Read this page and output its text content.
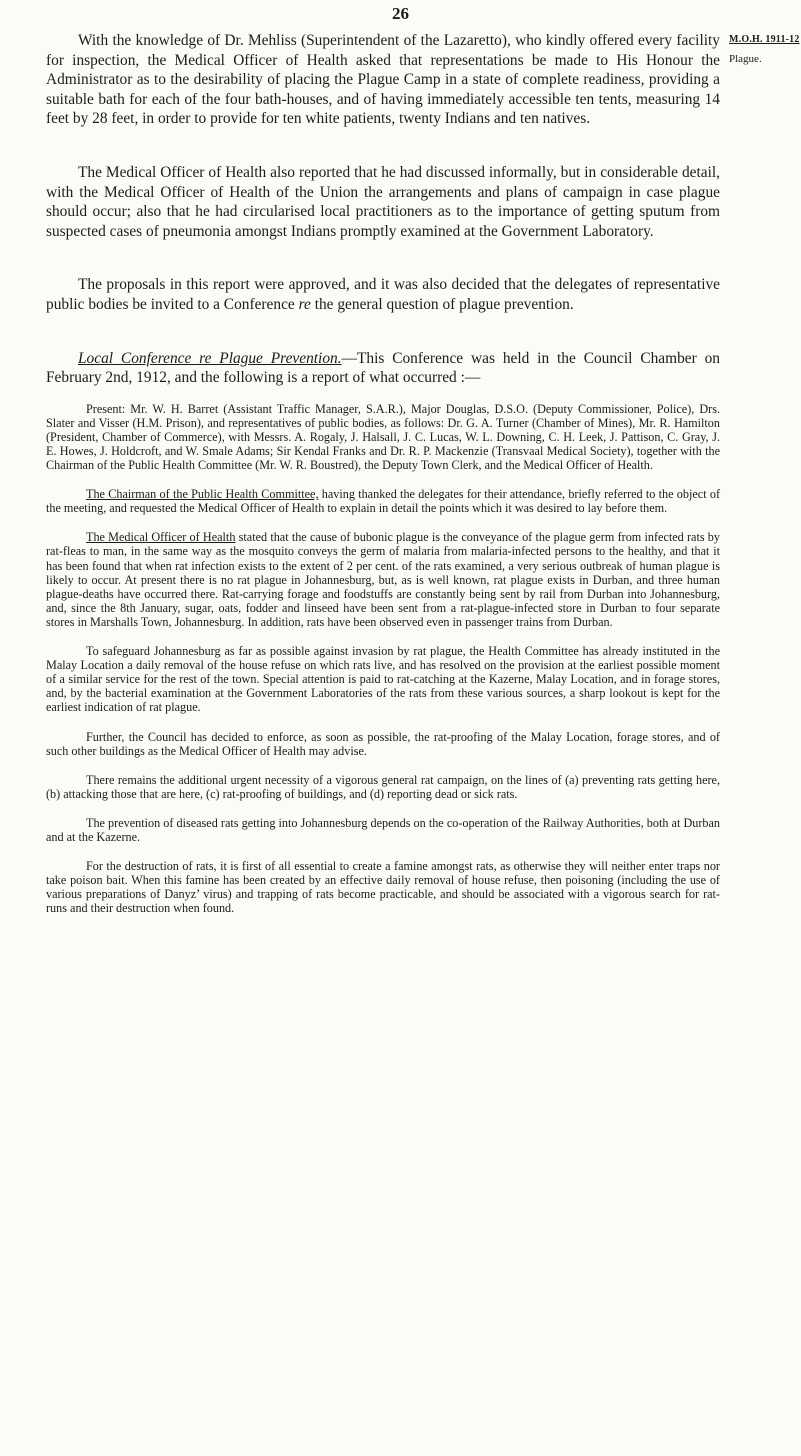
26
M.O.H. 1911-12
Plague.

With the knowledge of Dr. Mehliss (Superintendent of the Lazaretto), who kindly offered every facility for inspection, the Medical Officer of Health asked that representations be made to His Honour the Administrator as to the desirability of placing the Plague Camp in a state of complete readiness, providing a suitable bath for each of the four bath-houses, and of having immediately accessible ten tents, measuring 14 feet by 28 feet, in order to provide for ten white patients, twenty Indians and ten natives.

The Medical Officer of Health also reported that he had discussed informally, but in considerable detail, with the Medical Officer of Health of the Union the arrangements and plans of campaign in case plague should occur; also that he had circularised local practitioners as to the importance of getting sputum from suspected cases of pneumonia amongst Indians promptly examined at the Government Laboratory.

The proposals in this report were approved, and it was also decided that the delegates of representative public bodies be invited to a Conference re the general question of plague prevention.

Local Conference re Plague Prevention.—This Conference was held in the Council Chamber on February 2nd, 1912, and the following is a report of what occurred :—

Present: Mr. W. H. Barret (Assistant Traffic Manager, S.A.R.), Major Douglas, D.S.O. (Deputy Commissioner, Police), Drs. Slater and Visser (H.M. Prison), and representatives of public bodies, as follows: Dr. G. A. Turner (Chamber of Mines), Mr. R. Hamilton (President, Chamber of Commerce), with Messrs. A. Rogaly, J. Halsall, J. C. Lucas, W. L. Downing, C. H. Leek, J. Pattison, C. Gray, J. E. Howes, J. Holdcroft, and W. Smale Adams; Sir Kendal Franks and Dr. R. P. Mackenzie (Transvaal Medical Society), together with the Chairman of the Public Health Committee (Mr. W. R. Boustred), the Deputy Town Clerk, and the Medical Officer of Health.

The Chairman of the Public Health Committee, having thanked the delegates for their attendance, briefly referred to the object of the meeting, and requested the Medical Officer of Health to explain in detail the points which it was desired to lay before them.

The Medical Officer of Health stated that the cause of bubonic plague is the conveyance of the plague germ from infected rats by rat-fleas to man, in the same way as the mosquito conveys the germ of malaria from malaria-infected persons to the healthy, and that it has been found that when rat infection exists to the extent of 2 per cent. of the rats examined, a very serious outbreak of human plague is likely to occur. At present there is no rat plague in Johannesburg, but, as is well known, rat plague exists in Durban, and three human plague-deaths have occurred there. Rat-carrying forage and foodstuffs are constantly being sent by rail from Durban into Johannesburg, and, since the 8th January, sugar, oats, fodder and linseed have been sent from a rat-plague-infected store in Durban to four separate stores in Marshalls Town, Johannesburg. In addition, rats have been observed even in passenger trains from Durban.

To safeguard Johannesburg as far as possible against invasion by rat plague, the Health Committee has already instituted in the Malay Location a daily removal of the house refuse on which rats live, and has resolved on the provision at the earliest possible moment of a similar service for the rest of the town. Special attention is paid to rat-catching at the Kazerne, Malay Location, and in forage stores, and, by the bacterial examination at the Government Laboratories of the rats from these various sources, a sharp lookout is kept for the earliest indication of rat plague.

Further, the Council has decided to enforce, as soon as possible, the rat-proofing of the Malay Location, forage stores, and of such other buildings as the Medical Officer of Health may advise.

There remains the additional urgent necessity of a vigorous general rat campaign, on the lines of (a) preventing rats getting here, (b) attacking those that are here, (c) rat-proofing of buildings, and (d) reporting dead or sick rats.

The prevention of diseased rats getting into Johannesburg depends on the co-operation of the Railway Authorities, both at Durban and at the Kazerne.

For the destruction of rats, it is first of all essential to create a famine amongst rats, as otherwise they will neither enter traps nor take poison bait. When this famine has been created by an effective daily removal of house refuse, then poisoning (including the use of various preparations of Danyz’ virus) and trapping of rats become practicable, and should be associated with a vigorous search for rat-runs and their destruction when found.
